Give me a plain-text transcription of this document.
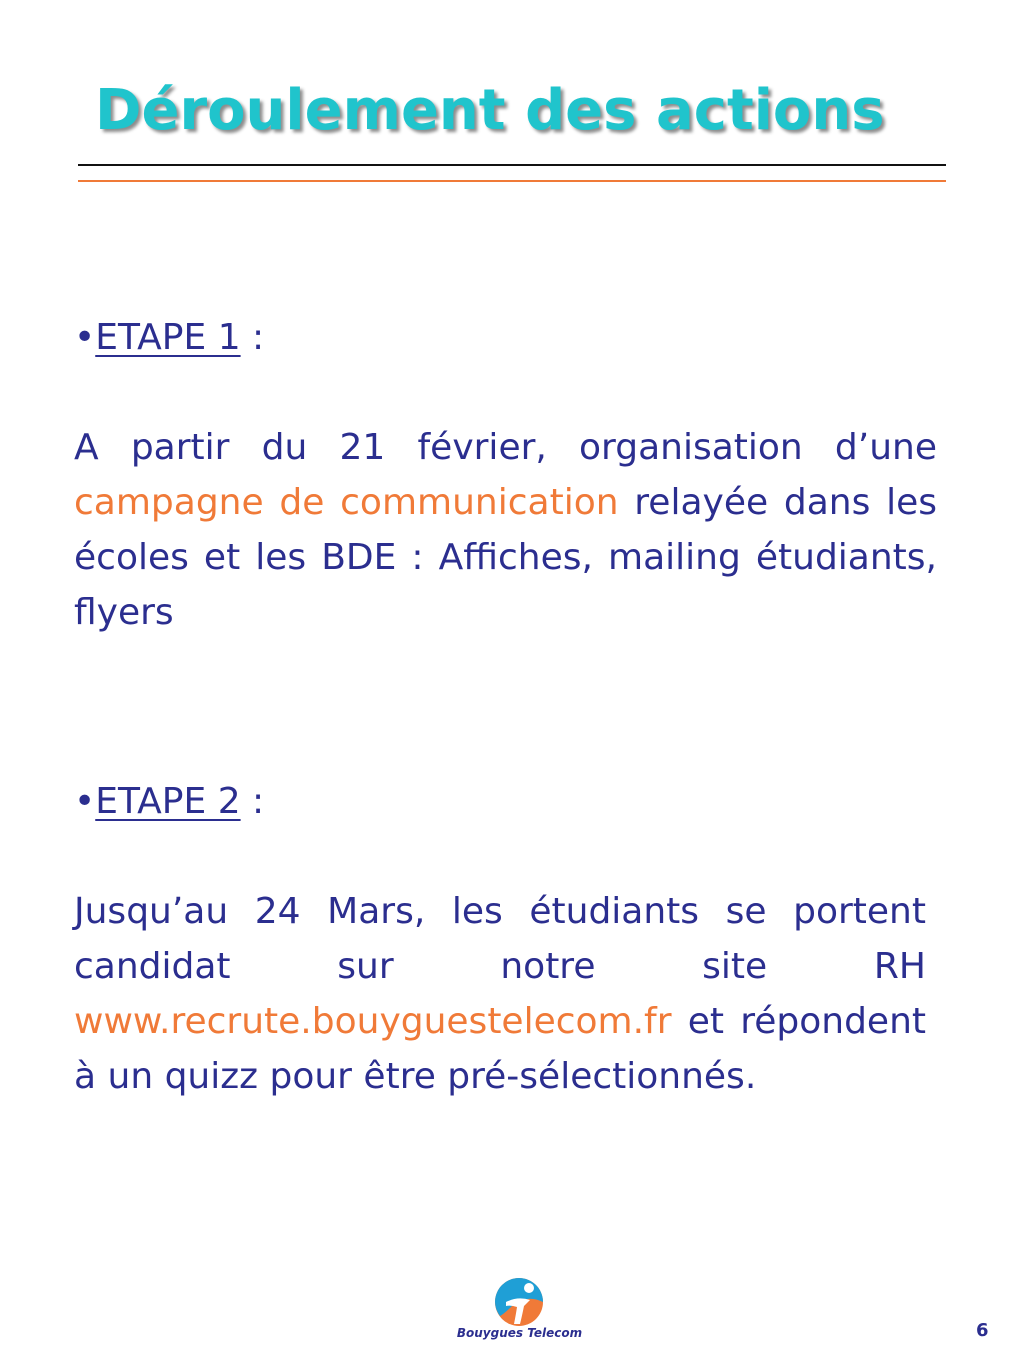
Déroulement des actions
•ETAPE 1 :

A partir du 21 février, organisation d’une campagne de communication relayée dans les écoles et les BDE : Affiches, mailing étudiants, flyers

•ETAPE 2 :

Jusqu’au 24 Mars, les étudiants se portent candidat sur notre site RH www.recrute.bouyguestelecom.fr et répondent à un quizz pour être pré-sélectionnés.

Bouygues Telecom	6
